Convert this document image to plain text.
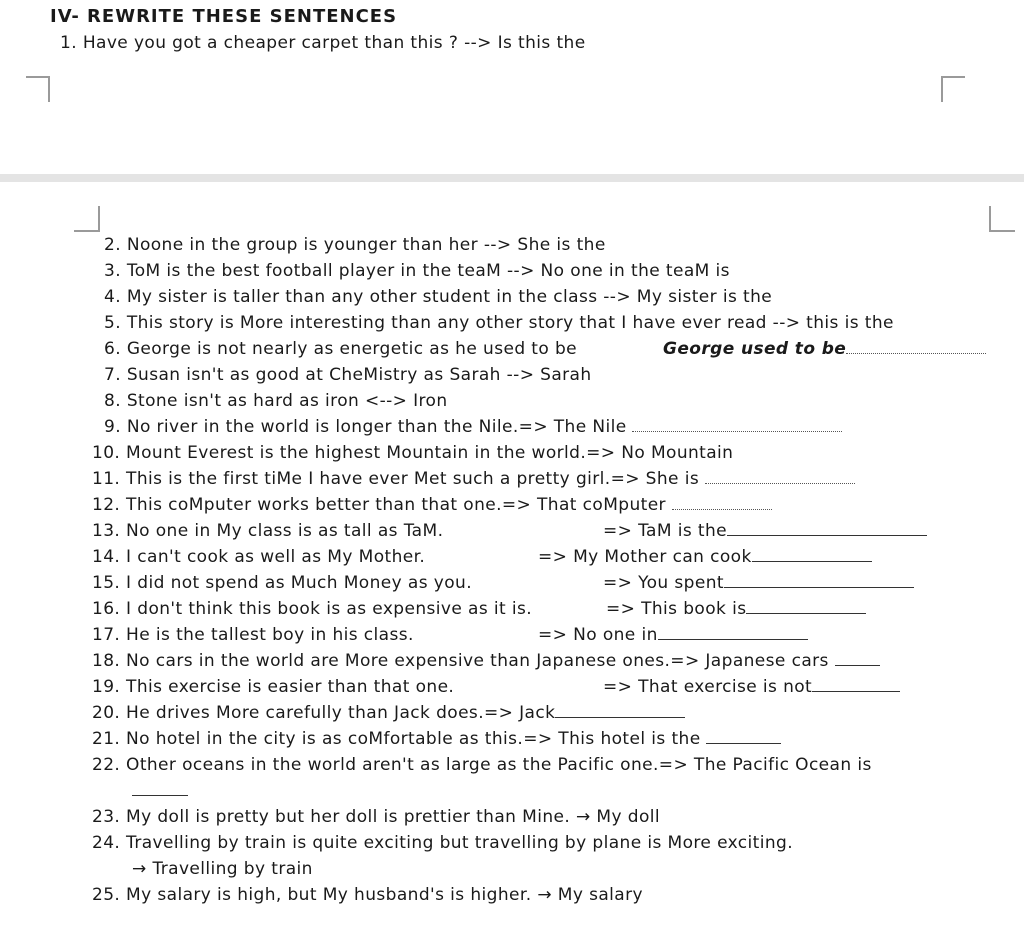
IV- REWRITE THESE SENTENCES
1. Have you got a cheaper carpet than this ? --> Is this the
2. Noone in the group is younger than her --> She is the
3. ToM is the best football player in the teaM --> No one in the teaM is
4. My sister is taller than any other student in the class --> My sister is the
5. This story is More interesting than any other story that I have ever read --> this is the
6. George is not nearly as energetic as he used to be	George used to be
7. Susan isn't as good at CheMistry as Sarah --> Sarah
8. Stone isn't as hard as iron <--> Iron
9. No river in the world is longer than the Nile.=> The Nile
10. Mount Everest is the highest Mountain in the world.=> No Mountain
11. This is the first tiMe I have ever Met such a pretty girl.=> She is
12. This coMputer works better than that one.=> That coMputer
13. No one in My class is as tall as TaM.	=> TaM is the
14. I can't cook as well as My Mother.	=> My Mother can cook
15. I did not spend as Much Money as you.	=> You spent
16. I don't think this book is as expensive as it is.	=> This book is
17. He is the tallest boy in his class.	=> No one in
18. No cars in the world are More expensive than Japanese ones.=> Japanese cars
19. This exercise is easier than that one.	=> That exercise is not
20. He drives More carefully than Jack does.=> Jack
21. No hotel in the city is as coMfortable as this.=> This hotel is the
22. Other oceans in the world aren't as large as the Pacific one.=> The Pacific Ocean is
23. My doll is pretty but her doll is prettier than Mine. → My doll
24. Travelling by train is quite exciting but travelling by plane is More exciting.
→ Travelling by train
25. My salary is high, but My husband's is higher. → My salary
